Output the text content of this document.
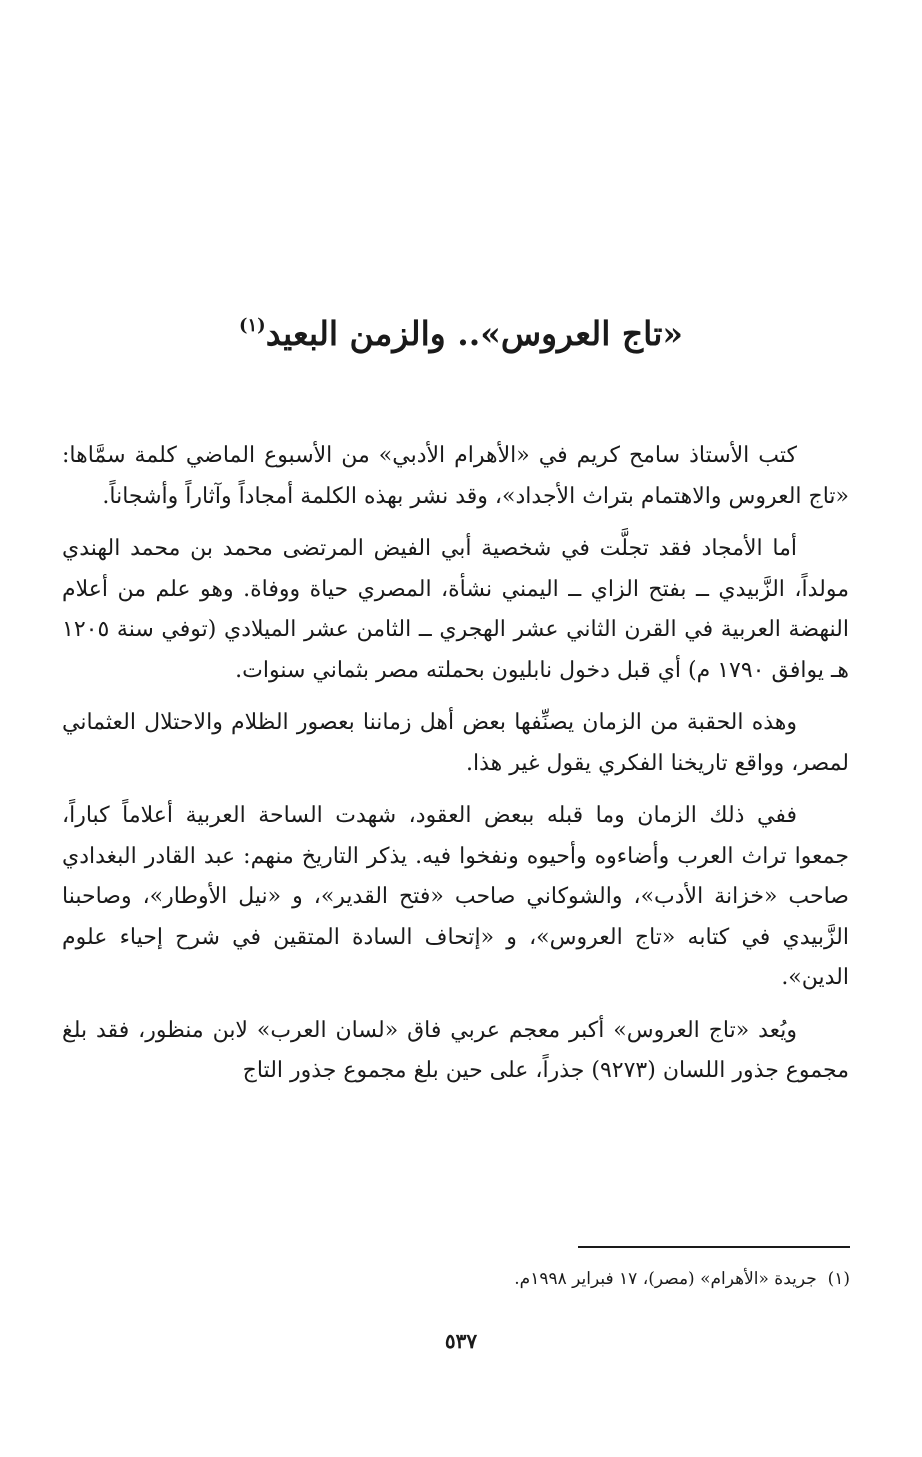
«تاج العروس».. والزمن البعيد$^{(١)}$

كتب الأستاذ سامح كريم في «الأهرام الأدبي» من الأسبوع الماضي كلمة سمَّاها: «تاج العروس والاهتمام بتراث الأجداد»، وقد نشر بهذه الكلمة أمجاداً وآثاراً وأشجاناً.

أما الأمجاد فقد تجلَّت في شخصية أبي الفيض المرتضى محمد بن محمد الهندي مولداً، الزَّبيدي ــ بفتح الزاي ــ اليمني نشأة، المصري حياة ووفاة. وهو علم من أعلام النهضة العربية في القرن الثاني عشر الهجري ــ الثامن عشر الميلادي (توفي سنة ١٢٠٥ هـ يوافق ١٧٩٠ م) أي قبل دخول نابليون بحملته مصر بثماني سنوات.

وهذه الحقبة من الزمان يصنِّفها بعض أهل زماننا بعصور الظلام والاحتلال العثماني لمصر، وواقع تاريخنا الفكري يقول غير هذا.

ففي ذلك الزمان وما قبله ببعض العقود، شهدت الساحة العربية أعلاماً كباراً، جمعوا تراث العرب وأضاءوه وأحيوه ونفخوا فيه. يذكر التاريخ منهم: عبد القادر البغدادي صاحب «خزانة الأدب»، والشوكاني صاحب «فتح القدير»، و «نيل الأوطار»، وصاحبنا الزَّبيدي في كتابه «تاج العروس»، و «إتحاف السادة المتقين في شرح إحياء علوم الدين».

ويُعد «تاج العروس» أكبر معجم عربي فاق «لسان العرب» لابن منظور، فقد بلغ مجموع جذور اللسان (٩٢٧٣) جذراً، على حين بلغ مجموع جذور التاج

(١)  جريدة «الأهرام» (مصر)، ١٧ فبراير ١٩٩٨م.
٥٣٧
